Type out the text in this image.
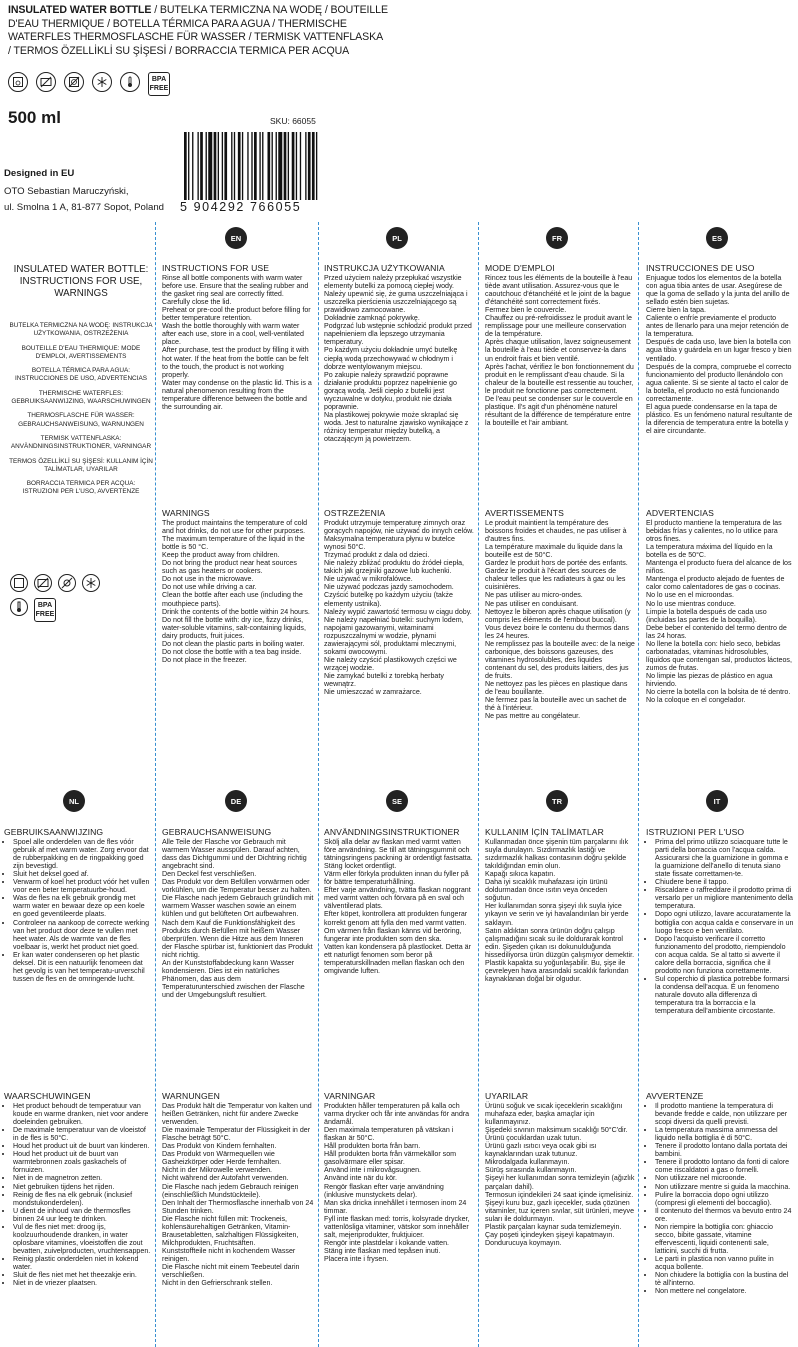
INSULATED WATER BOTTLE / BUTELKA TERMICZNA NA WODĘ / BOUTEILLE D'EAU THERMIQUE / BOTELLA TÉRMICA PARA AGUA / THERMISCHE WATERFLES THERMOSFLASCHE FÜR WASSER / TERMISK VATTENFLASKA / TERMOS ÖZELLİKLİ SU ŞİŞESİ / BORRACCIA TERMICA PER ACQUA
BPA
FREE
500 ml	SKU: 66055
5 904292 766055
Designed in EU
OTO Sebastian Maruczyński,
ul. Smolna 1 A, 81-877 Sopot, Poland
EN	PL	FR	ES
NL	DE	SE	TR	IT
INSULATED WATER BOTTLE: INSTRUCTIONS FOR USE, WARNINGS
BUTELKA TERMICZNA NA WODĘ: INSTRUKCJA UŻYTKOWANIA, OSTRZEŻENIA
BOUTEILLE D'EAU THERMIQUE: MODE D'EMPLOI, AVERTISSEMENTS
BOTELLA TÉRMICA PARA AGUA: INSTRUCCIONES DE USO, ADVERTENCIAS
THERMISCHE WATERFLES: GEBRUIKSAANWIJZING, WAARSCHUWINGEN
THERMOSFLASCHE FÜR WASSER: GEBRAUCHSANWEISUNG, WARNUNGEN
TERMISK VATTENFLASKA: ANVÄNDNINGSINSTRUKTIONER, VARNINGAR
TERMOS ÖZELLİKLİ SU ŞİŞESİ: KULLANIM İÇİN TALİMATLAR, UYARILAR
BORRACCIA TERMICA PER ACQUA: ISTRUZIONI PER L'USO, AVVERTENZE
BPA
FREE
INSTRUCTIONS FOR USE

Rinse all bottle components with warm water before use. Ensure that the sealing rubber and the gasket ring seal are correctly fitted.

Carefully close the lid.

Preheat or pre-cool the product before filling for better temperature retention.

Wash the bottle thoroughly with warm water after each use, store in a cool, well-ventilated place.

After purchase, test the product by filling it with hot water. If the heat from the bottle can be felt to the touch, the product is not working properly.

Water may condense on the plastic lid. This is a natural phenomenon resulting from the temperature difference between the bottle and the surrounding air.

WARNINGS

The product maintains the temperature of cold and hot drinks, do not use for other purposes.

The maximum temperature of the liquid in the bottle is 50 °C.

Keep the product away from children.

Do not bring the product near heat sources such as gas heaters or cookers.

Do not use in the microwave.

Do not use while driving a car.

Clean the bottle after each use (including the mouthpiece parts).

Drink the contents of the bottle within 24 hours.

Do not fill the bottle with: dry ice, fizzy drinks, water-soluble vitamins, salt-containing liquids, dairy products, fruit juices.

Do not clean the plastic parts in boiling water.

Do not close the bottle with a tea bag inside.

Do not place in the freezer.

INSTRUKCJA UŻYTKOWANIA

Przed użyciem należy przepłukać wszystkie elementy butelki za pomocą ciepłej wody. Należy upewnić się, że guma uszczelniająca i uszczelka pierścienia uszczelniającego są prawidłowo zamocowane.

Dokładnie zamknąć pokrywkę.

Podgrzać lub wstępnie schłodzić produkt przed napełnieniem dla lepszego utrzymania temperatury.

Po każdym użyciu dokładnie umyć butelkę ciepłą wodą przechowywać w chłodnym i dobrze wentylowanym miejscu.

Po zakupie należy sprawdzić poprawne działanie produktu poprzez napełnienie go gorącą wodą. Jeśli ciepło z butelki jest wyczuwalne w dotyku, produkt nie działa poprawnie.

Na plastikowej pokrywie może skraplać się woda. Jest to naturalne zjawisko wynikające z różnicy temperatur między butelką, a otaczającym ją powietrzem.

OSTRZEŻENIA

Produkt utrzymuje temperaturę zimnych oraz gorących napojów, nie używać do innych celów.

Maksymalna temperatura płynu w butelce wynosi 50°C.

Trzymać produkt z dala od dzieci.

Nie należy zbliżać produktu do źródeł ciepła, takich jak grzejniki gazowe lub kuchenki.

Nie używać w mikrofalówce.

Nie używać podczas jazdy samochodem.

Czyścić butelkę po każdym użyciu (także elementy ustnika).

Należy wypić zawartość termosu w ciągu doby.

Nie należy napełniać butelki: suchym lodem, napojami gazowanymi, witaminami rozpuszczalnymi w wodzie, płynami zawierającymi sól, produktami mlecznymi, sokami owocowymi.

Nie należy czyścić plastikowych części we wrzącej wodzie.

Nie zamykać butelki z torebką herbaty wewnątrz.

Nie umieszczać w zamrażarce.

MODE D'EMPLOI

Rincez tous les éléments de la bouteille à l'eau tiède avant utilisation. Assurez-vous que le caoutchouc d'étanchéité et le joint de la bague d'étanchéité sont correctement fixés.

Fermez bien le couvercle.

Chauffez ou pré-refroidissez le produit avant le remplissage pour une meilleure conservation de la température.

Après chaque utilisation, lavez soigneusement la bouteille à l'eau tiède et conservez-la dans un endroit frais et bien ventilé.

Après l'achat, vérifiez le bon fonctionnement du produit en le remplissant d'eau chaude. Si la chaleur de la bouteille est ressentie au toucher, le produit ne fonctionne pas correctement.

De l'eau peut se condenser sur le couvercle en plastique. Il's agit d'un phénomène naturel résultant de la différence de température entre la bouteille et l'air ambiant.

AVERTISSEMENTS

Le produit maintient la température des boissons froides et chaudes, ne pas utiliser à d'autres fins.

La température maximale du liquide dans la bouteille est de 50°C.

Gardez le produit hors de portée des enfants.

Gardez le produit à l'écart des sources de chaleur telles que les radiateurs à gaz ou les cuisinières.

Ne pas utiliser au micro-ondes.

Ne pas utiliser en conduisant.

Nettoyez le biberon après chaque utilisation (y compris les éléments de l'embout buccal).

Vous devez boire le contenu du thermos dans les 24 heures.

Ne remplissez pas la bouteille avec: de la neige carbonique, des boissons gazeuses, des vitamines hydrosolubles, des liquides contenant du sel, des produits laitiers, des jus de fruits.

Ne nettoyez pas les pièces en plastique dans de l'eau bouillante.

Ne fermez pas la bouteille avec un sachet de thé à l'intérieur.

Ne pas mettre au congélateur.

INSTRUCCIONES DE USO

Enjuague todos los elementos de la botella con agua tibia antes de usar. Asegúrese de que la goma de sellado y la junta del anillo de sellado estén bien sujetas.

Cierre bien la tapa.

Caliente o enfríe previamente el producto antes de llenarlo para una mejor retención de la temperatura.

Después de cada uso, lave bien la botella con agua tibia y guárdela en un lugar fresco y bien ventilado.

Después de la compra, compruebe el correcto funcionamiento del producto llenándolo con agua caliente. Si se siente al tacto el calor de la botella, el producto no está funcionando correctamente.

El agua puede condensarse en la tapa de plástico. Es un fenómeno natural resultante de la diferencia de temperatura entre la botella y el aire circundante.

ADVERTENCIAS

El producto mantiene la temperatura de las bebidas frías y calientes, no lo utilice para otros fines.

La temperatura máxima del líquido en la botella es de 50°C.

Mantenga el producto fuera del alcance de los niños.

Mantenga el producto alejado de fuentes de calor como calentadores de gas o cocinas.

No lo use en el microondas.

No lo use mientras conduce.

Limpie la botella después de cada uso (incluidas las partes de la boquilla).

Debe beber el contenido del termo dentro de las 24 horas.

No llene la botella con: hielo seco, bebidas carbonatadas, vitaminas hidrosolubles, líquidos que contengan sal, productos lácteos, zumos de frutas.

No limpie las piezas de plástico en agua hirviendo.

No cierre la botella con la bolsita de té dentro.

No la coloque en el congelador.

GEBRUIKSAANWIJZING
• Spoel alle onderdelen van de fles vóór gebruik af met warm water. Zorg ervoor dat de rubberpakking en de ringpakking goed zijn bevestigd.
• Sluit het deksel goed af.
• Verwarm of koel het product vóór het vullen voor een beter temperatuurbe-houd.
• Was de fles na elk gebruik grondig met warm water en bewaar deze op een koele en goed geventileerde plaats.
• Controleer na aankoop de correcte werking van het product door deze te vullen met heet water. Als de warmte van de fles voelbaar is, werkt het product niet goed.
• Er kan water condenseren op het plastic deksel. Dit is een natuurlijk fenomeen dat het gevolg is van het temperatu-urverschil tussen de fles en de omringende lucht.
WAARSCHUWINGEN
• Het product behoudt de temperatuur van koude en warme dranken, niet voor andere doeleinden gebruiken.
• De maximale temperatuur van de vloeistof in de fles is 50°C.
• Houd het product uit de buurt van kinderen.
• Houd het product uit de buurt van warmtebronnen zoals gaskachels of fornuizen.
• Niet in de magnetron zetten.
• Niet gebruiken tijdens het rijden.
• Reinig de fles na elk gebruik (inclusief mondstukonderdelen).
• U dient de inhoud van de thermosfles binnen 24 uur leeg te drinken.
• Vul de fles niet met: droog ijs, koolzuurhoudende dranken, in water oplosbare vitamines, vloeistoffen die zout bevatten, zuivelproducten, vruchtensappen.
• Reinig plastic onderdelen niet in kokend water.
• Sluit de fles niet met het theezakje erin.
• Niet in de vriezer plaatsen.
GEBRAUCHSANWEISUNG

Alle Teile der Flasche vor Gebrauch mit warmem Wasser ausspülen. Darauf achten, dass das Dichtgummi und der Dichtring richtig angebracht sind.

Den Deckel fest verschließen.

Das Produkt vor dem Befüllen vorwärmen oder vorkühlen, um die Temperatur besser zu halten.

Die Flasche nach jedem Gebrauch gründlich mit warmem Wasser waschen sowie an einem kühlen und gut belüfteten Ort aufbewahren.

Nach dem Kauf die Funktionsfähigkeit des Produkts durch Befüllen mit heißem Wasser überprüfen. Wenn die Hitze aus dem Inneren der Flasche spürbar ist, funktioniert das Produkt nicht richtig.

An der Kunststoffabdeckung kann Wasser kondensieren. Dies ist ein natürliches Phänomen, das aus dem Temperaturunterschied zwischen der Flasche und der Umgebungsluft resultiert.

WARNUNGEN

Das Produkt hält die Temperatur von kalten und heißen Getränken, nicht für andere Zwecke verwenden.

Die maximale Temperatur der Flüssigkeit in der Flasche beträgt 50°C.

Das Produkt von Kindern fernhalten.

Das Produkt von Wärmequellen wie Gasheizkörper oder Herde fernhalten.

Nicht in der Mikrowelle verwenden.

Nicht während der Autofahrt verwenden.

Die Flasche nach jedem Gebrauch reinigen (einschließlich Mundstückteile).

Den Inhalt der Thermosflasche innerhalb von 24 Stunden trinken.

Die Flasche nicht füllen mit: Trockeneis, kohlensäurehaltigen Getränken, Vitamin-Brausetabletten, salzhaltigen Flüssigkeiten, Milchprodukten, Fruchtsäften.

Kunststoffteile nicht in kochendem Wasser reinigen.

Die Flasche nicht mit einem Teebeutel darin verschließen.

Nicht in den Gefrierschrank stellen.

ANVÄNDNINGSINSTRUKTIONER

Skölj alla delar av flaskan med varmt vatten före användning. Se till att tätningsgummit och tätningsringens packning är ordentligt fastsatta.

Stäng locket ordentligt.

Värm eller förkyla produkten innan du fyller på för bättre temperaturhållning.

Efter varje användning, tvätta flaskan noggrant med varmt vatten och förvara på en sval och välventilerad plats.

Efter köpet, kontrollera att produkten fungerar korrekt genom att fylla den med varmt vatten. Om värmen från flaskan känns vid beröring, fungerar inte produkten som den ska.

Vatten kan kondensera på plastlocket. Detta är ett naturligt fenomen som beror på temperaturskillnaden mellan flaskan och den omgivande luften.

VARNINGAR

Produkten håller temperaturen på kalla och varma drycker och får inte användas för andra ändamål.

Den maximala temperaturen på vätskan i flaskan är 50°C.

Håll produkten borta från barn.

Håll produkten borta från värmekällor som gasolvärmare eller spisar.

Använd inte i mikrovågsugnen.

Använd inte när du kör.

Rengör flaskan efter varje användning (inklusive munstyckets delar).

Man ska dricka innehållet i termosen inom 24 timmar.

Fyll inte flaskan med: torris, kolsyrade drycker, vattenlösliga vitaminer, vätskor som innehåller salt, mejeriprodukter, fruktjuicer.

Rengör inte plastdelar i kokande vatten.

Stäng inte flaskan med tepåsen inuti.

Placera inte i frysen.

KULLANIM İÇİN TALİMATLAR

Kullanmadan önce şişenin tüm parçalarını ılık suyla durulayın. Sızdırmazlık lastiği ve sızdırmazlık halkası contasının doğru şekilde takıldığından emin olun.

Kapağı sıkıca kapatın.

Daha iyi sıcaklık muhafazası için ürünü doldurmadan önce ısıtın veya önceden soğutun.

Her kullanımdan sonra şişeyi ılık suyla iyice yıkayın ve serin ve iyi havalandırılan bir yerde saklayın.

Satın aldıktan sonra ürünün doğru çalışıp çalışmadığını sıcak su ile doldurarak kontrol edin. Şişeden çıkan ısı dokunulduğunda hissediliyorsa ürün düzgün çalışmıyor demektir.

Plastik kapakta su yoğunlaşabilir. Bu, şişe ile çevreleyen hava arasındaki sıcaklık farkından kaynaklanan doğal bir olgudur.

UYARILAR

Ürünü soğuk ve sıcak içeceklerin sıcaklığını muhafaza eder, başka amaçlar için kullanmayınız.

Şişedeki sıvının maksimum sıcaklığı 50°C'dir.

Ürünü çocuklardan uzak tutun.

Ürünü gazlı ısıtıcı veya ocak gibi ısı kaynaklarından uzak tutunuz.

Mikrodalgada kullanmayın.

Sürüş sırasında kullanmayın.

Şişeyi her kullanımdan sonra temizleyin (ağızlık parçaları dahil).

Termosun içindekileri 24 saat içinde içmelisiniz.

Şişeyi kuru buz, gazlı içecekler, suda çözünen vitaminler, tuz içeren sıvılar, süt ürünleri, meyve suları ile doldurmayın.

Plastik parçaları kaynar suda temizlemeyin.

Çay poşeti içindeyken şişeyi kapatmayın.

Dondurucuya koymayın.

ISTRUZIONI PER L'USO
• Prima del primo utilizzo sciacquare tutte le parti della borraccia con l'acqua calda. Assicurarsi che la guarnizione in gomma e la guarnizione dell'anello di tenuta siano state fissate correttamen-te.
• Chiudere bene il tappo.
• Riscaldare o raffreddare il prodotto prima di versarlo per un migliore mantenimento della temperatura.
• Dopo ogni utilizzo, lavare accuratamente la bottiglia con acqua calda e conservare in un luogo fresco e ben ventilato.
• Dopo l'acquisto verificare il corretto funzionamento del prodotto, riempiendolo con acqua calda. Se al tatto si avverte il calore della borraccia, significa che il prodotto non funziona correttamente.
• Sul coperchio di plastica potrebbe formarsi la condensa dell'acqua. È un fenomeno naturale dovuto alla differenza di temperatura tra la borraccia e la temperatura dell'ambiente circostante.
AVVERTENZE
• Il prodotto mantiene la temperatura di bevande fredde e calde, non utilizzare per scopi diversi da quelli previsti.
• La temperatura massima ammessa del liquido nella bottiglia è di 50°C.
• Tenere il prodotto lontano dalla portata dei bambini.
• Tenere il prodotto lontano da fonti di calore come riscaldatori a gas o fornelli.
• Non utilizzare nel microonde.
• Non utilizzare mentre si guida la macchina.
• Pulire la borraccia dopo ogni utilizzo (compresi gli elementi del boccaglio).
• Il contenuto del thermos va bevuto entro 24 ore.
• Non riempire la bottiglia con: ghiaccio secco, bibite gassate, vitamine effervescenti, liquidi contenenti sale, latticini, succhi di frutta.
• Le parti in plastica non vanno pulite in acqua bollente.
• Non chiudere la bottiglia con la bustina del tè all'interno.
• Non mettere nel congelatore.
